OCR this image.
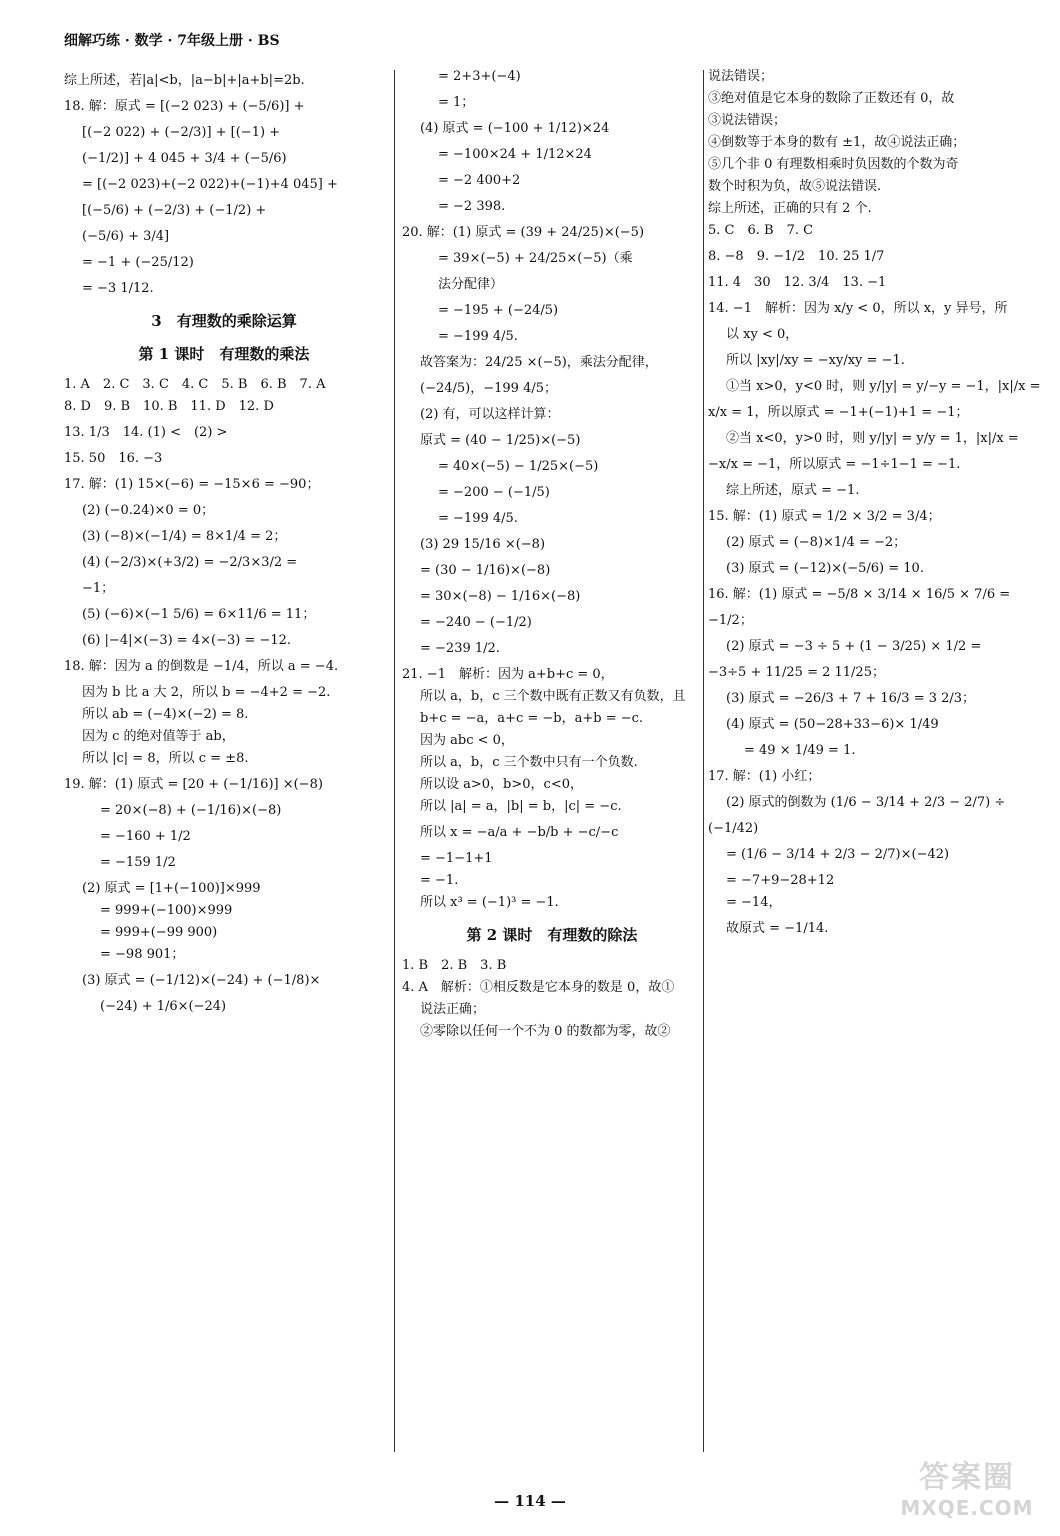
细解巧练 · 数学 · 7年级上册 · BS
综上所述，若|a|<b，|a−b|+|a+b|=2b.
18. 解：原式 = [(−2 023) + (−5/6)] +
[(−2 022) + (−2/3)] + [(−1) +
(−1/2)] + 4 045 + 3/4 + (−5/6)
= [(−2 023)+(−2 022)+(−1)+4 045] +
[(−5/6) + (−2/3) + (−1/2) +
(−5/6) + 3/4]
= −1 + (−25/12)
= −3 1/12.
3　有理数的乘除运算
第 1 课时　有理数的乘法
1. A　2. C　3. C　4. C　5. B　6. B　7. A
8. D　9. B　10. B　11. D　12. D
13. 1/3　14. (1) <　(2) >
15. 50　16. −3
17. 解：(1) 15×(−6) = −15×6 = −90；
(2) (−0.24)×0 = 0；
(3) (−8)×(−1/4) = 8×1/4 = 2；
(4) (−2/3)×(+3/2) = −2/3×3/2 =
−1；
(5) (−6)×(−1 5/6) = 6×11/6 = 11；
(6) |−4|×(−3) = 4×(−3) = −12.
18. 解：因为 a 的倒数是 −1/4，所以 a = −4.
因为 b 比 a 大 2，所以 b = −4+2 = −2.
所以 ab = (−4)×(−2) = 8.
因为 c 的绝对值等于 ab，
所以 |c| = 8，所以 c = ±8.
19. 解：(1) 原式 = [20 + (−1/16)] ×(−8)
= 20×(−8) + (−1/16)×(−8)
= −160 + 1/2
= −159 1/2
(2) 原式 = [1+(−100)]×999
= 999+(−100)×999
= 999+(−99 900)
= −98 901；
(3) 原式 = (−1/12)×(−24) + (−1/8)×
(−24) + 1/6×(−24)
= 2+3+(−4)
= 1；
(4) 原式 = (−100 + 1/12)×24
= −100×24 + 1/12×24
= −2 400+2
= −2 398.
20. 解：(1) 原式 = (39 + 24/25)×(−5)
= 39×(−5) + 24/25×(−5)（乘
法分配律）
= −195 + (−24/5)
= −199 4/5.
故答案为：24/25 ×(−5)，乘法分配律，
(−24/5)，−199 4/5；
(2) 有，可以这样计算：
原式 = (40 − 1/25)×(−5)
= 40×(−5) − 1/25×(−5)
= −200 − (−1/5)
= −199 4/5.
(3) 29 15/16 ×(−8)
= (30 − 1/16)×(−8)
= 30×(−8) − 1/16×(−8)
= −240 − (−1/2)
= −239 1/2.
21. −1　解析：因为 a+b+c = 0，
所以 a，b，c 三个数中既有正数又有负数，且
b+c = −a，a+c = −b，a+b = −c.
因为 abc < 0，
所以 a，b，c 三个数中只有一个负数.
所以设 a>0，b>0，c<0，
所以 |a| = a，|b| = b，|c| = −c.
所以 x = −a/a + −b/b + −c/−c
= −1−1+1
= −1.
所以 x³ = (−1)³ = −1.
第 2 课时　有理数的除法
1. B　2. B　3. B
4. A　解析：①相反数是它本身的数是 0，故①
说法正确；
②零除以任何一个不为 0 的数都为零，故②
说法错误；
③绝对值是它本身的数除了正数还有 0，故
③说法错误；
④倒数等于本身的数有 ±1，故④说法正确；
⑤几个非 0 有理数相乘时负因数的个数为奇
数个时积为负，故⑤说法错误.
综上所述，正确的只有 2 个.
5. C　6. B　7. C
8. −8　9. −1/2　10. 25 1/7
11. 4　30　12. 3/4　13. −1
14. −1　解析：因为 x/y < 0，所以 x，y 异号，所
以 xy < 0，
所以 |xy|/xy = −xy/xy = −1.
①当 x>0，y<0 时，则 y/|y| = y/−y = −1，|x|/x =
x/x = 1，所以原式 = −1+(−1)+1 = −1；
②当 x<0，y>0 时，则 y/|y| = y/y = 1，|x|/x =
−x/x = −1，所以原式 = −1÷1−1 = −1.
综上所述，原式 = −1.
15. 解：(1) 原式 = 1/2 × 3/2 = 3/4；
(2) 原式 = (−8)×1/4 = −2；
(3) 原式 = (−12)×(−5/6) = 10.
16. 解：(1) 原式 = −5/8 × 3/14 × 16/5 × 7/6 =
−1/2；
(2) 原式 = −3 ÷ 5 + (1 − 3/25) × 1/2 =
−3÷5 + 11/25 = 2 11/25；
(3) 原式 = −26/3 + 7 + 16/3 = 3 2/3；
(4) 原式 = (50−28+33−6)× 1/49
= 49 × 1/49 = 1.
17. 解：(1) 小红；
(2) 原式的倒数为 (1/6 − 3/14 + 2/3 − 2/7) ÷
(−1/42)
= (1/6 − 3/14 + 2/3 − 2/7)×(−42)
= −7+9−28+12
= −14，
故原式 = −1/14.
— 114 —
答案圈
MXQE.COM
